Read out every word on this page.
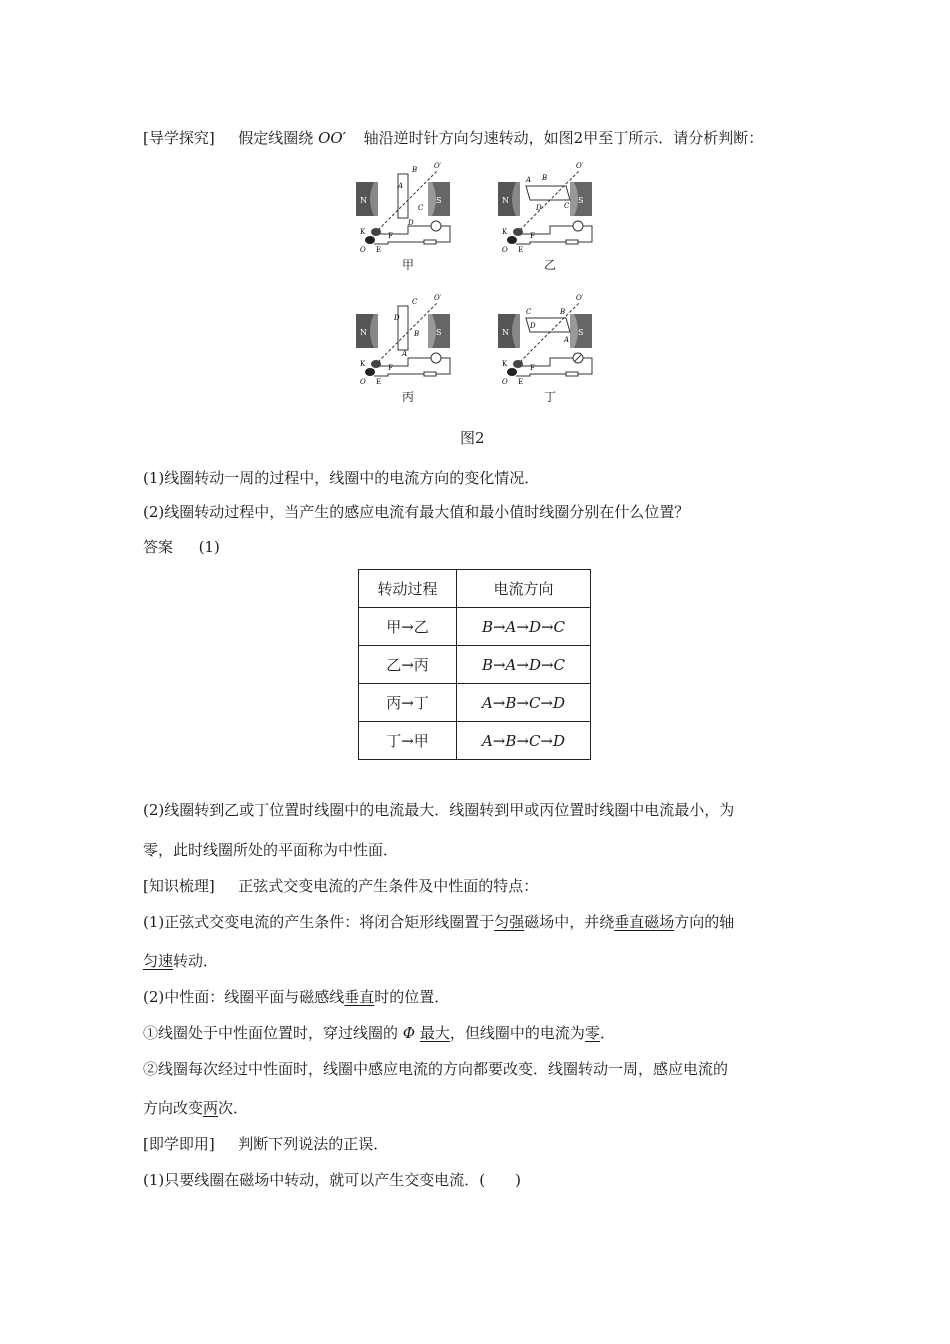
[导学探究] 假定线圈绕 OO′ 轴沿逆时针方向匀速转动，如图2甲至丁所示．请分析判断：
N	S
B
A
C
D
O′
K
O E
F
甲
N	S
A B
C
D
O′
K
O E
F
乙
N	S
C
D
B
A
O′
K
O E
F
丙
N	S
C
D
B
A
O′
K
O E
F
丁
图2
(1)线圈转动一周的过程中，线圈中的电流方向的变化情况．
(2)线圈转动过程中，当产生的感应电流有最大值和最小值时线圈分别在什么位置？
答案 (1)
转动过程	电流方向
甲→乙	B→A→D→C
乙→丙	B→A→D→C
丙→丁	A→B→C→D
丁→甲	A→B→C→D
(2)线圈转到乙或丁位置时线圈中的电流最大．线圈转到甲或丙位置时线圈中电流最小，为
零，此时线圈所处的平面称为中性面．
[知识梳理] 正弦式交变电流的产生条件及中性面的特点：
(1)正弦式交变电流的产生条件：将闭合矩形线圈置于匀强磁场中，并绕垂直磁场方向的轴
匀速转动．
(2)中性面：线圈平面与磁感线垂直时的位置．
①线圈处于中性面位置时，穿过线圈的 Φ 最大，但线圈中的电流为零．
②线圈每次经过中性面时，线圈中感应电流的方向都要改变．线圈转动一周，感应电流的
方向改变两次．
[即学即用] 判断下列说法的正误．
(1)只要线圈在磁场中转动，就可以产生交变电流．(　　)
